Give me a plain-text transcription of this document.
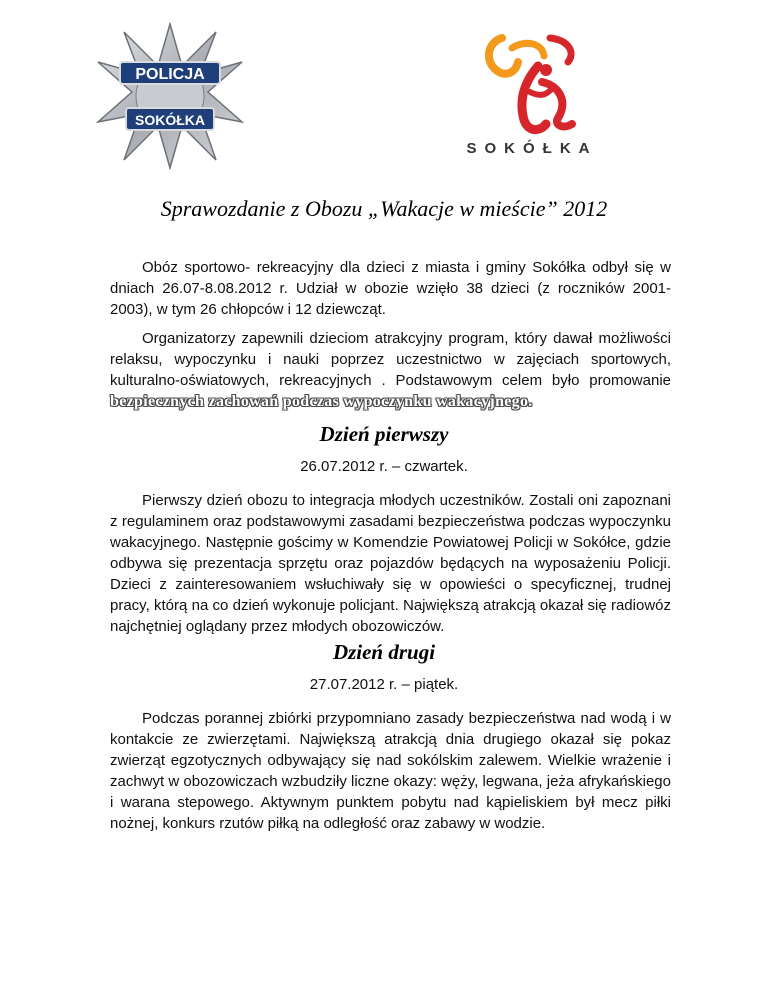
POLICJA
SOKÓŁKA
SOKÓŁKA
Sprawozdanie z Obozu „Wakacje w mieście” 2012

Obóz sportowo- rekreacyjny dla dzieci z miasta i gminy Sokółka odbył się w dniach 26.07-8.08.2012 r. Udział w obozie wzięło 38 dzieci (z roczników 2001-2003), w tym 26 chłopców i 12 dziewcząt.

Organizatorzy zapewnili dzieciom atrakcyjny program, który dawał możliwości relaksu, wypoczynku i nauki poprzez uczestnictwo w zajęciach sportowych, kulturalno-oświatowych, rekreacyjnych . Podstawowym celem było promowanie bezpiecznych zachowań podczas wypoczynku wakacyjnego.

Dzień pierwszy
26.07.2012 r. – czwartek.

Pierwszy dzień obozu to integracja młodych uczestników. Zostali oni zapoznani z regulaminem oraz podstawowymi zasadami bezpieczeństwa podczas wypoczynku wakacyjnego. Następnie gościmy w Komendzie Powiatowej Policji w Sokółce, gdzie odbywa się prezentacja sprzętu oraz pojazdów będących na wyposażeniu Policji. Dzieci z zainteresowaniem wsłuchiwały się w opowieści o specyficznej, trudnej pracy, którą na co dzień wykonuje policjant. Największą atrakcją okazał się radiowóz najchętniej oglądany przez młodych obozowiczów.

Dzień drugi
27.07.2012 r. – piątek.

Podczas porannej zbiórki przypomniano zasady bezpieczeństwa nad wodą i w kontakcie ze zwierzętami. Największą atrakcją dnia drugiego okazał się pokaz zwierząt egzotycznych odbywający się nad sokólskim zalewem. Wielkie wrażenie i zachwyt w obozowiczach wzbudziły liczne okazy: węży, legwana, jeża afrykańskiego i warana stepowego. Aktywnym punktem pobytu nad kąpieliskiem był mecz piłki nożnej, konkurs rzutów piłką na odległość oraz zabawy w wodzie.
